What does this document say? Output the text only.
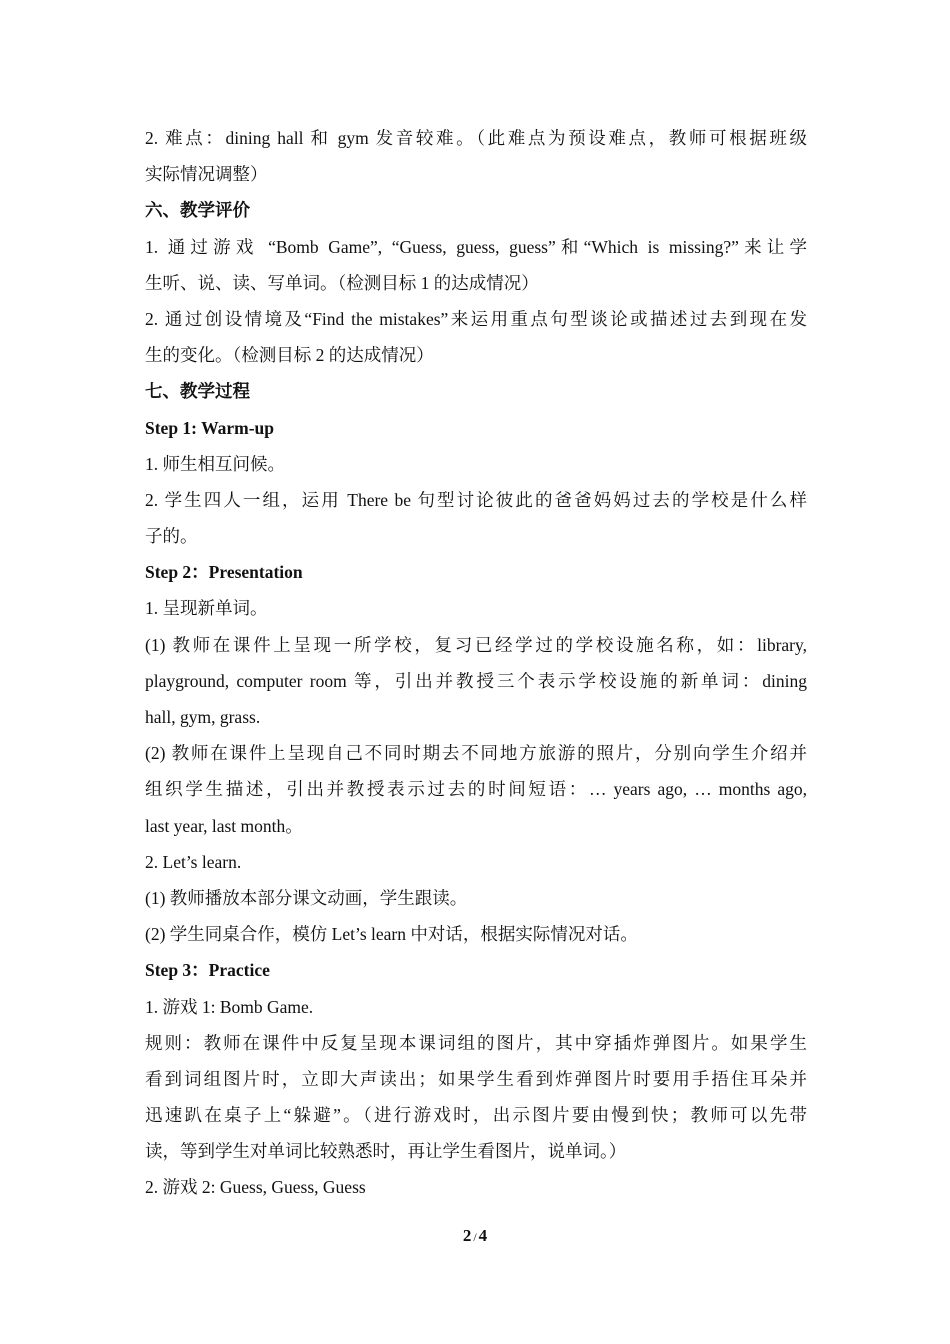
2. 难点：dining hall 和 gym 发音较难。（此难点为预设难点，教师可根据班级
实际情况调整）
六、教学评价
1. 通过游戏 “Bomb Game”, “Guess, guess, guess”和“Which is missing?”来让学
生听、说、读、写单词。（检测目标 1 的达成情况）
2. 通过创设情境及“Find the mistakes”来运用重点句型谈论或描述过去到现在发
生的变化。（检测目标 2 的达成情况）
七、教学过程
Step 1: Warm-up
1. 师生相互问候。
2. 学生四人一组，运用 There be 句型讨论彼此的爸爸妈妈过去的学校是什么样
子的。
Step 2：Presentation
1. 呈现新单词。
(1) 教师在课件上呈现一所学校，复习已经学过的学校设施名称，如：library,
playground, computer room 等，引出并教授三个表示学校设施的新单词：dining
hall, gym, grass.
(2) 教师在课件上呈现自己不同时期去不同地方旅游的照片，分别向学生介绍并
组织学生描述，引出并教授表示过去的时间短语：… years ago, … months ago,
last year, last month。
2. Let’s learn.
(1) 教师播放本部分课文动画，学生跟读。
(2) 学生同桌合作，模仿 Let’s learn 中对话，根据实际情况对话。
Step 3：Practice
1. 游戏 1: Bomb Game.
规则：教师在课件中反复呈现本课词组的图片，其中穿插炸弹图片。如果学生
看到词组图片时，立即大声读出；如果学生看到炸弹图片时要用手捂住耳朵并
迅速趴在桌子上“躲避”。（进行游戏时，出示图片要由慢到快；教师可以先带
读，等到学生对单词比较熟悉时，再让学生看图片，说单词。）
2. 游戏 2: Guess, Guess, Guess
2 / 4
